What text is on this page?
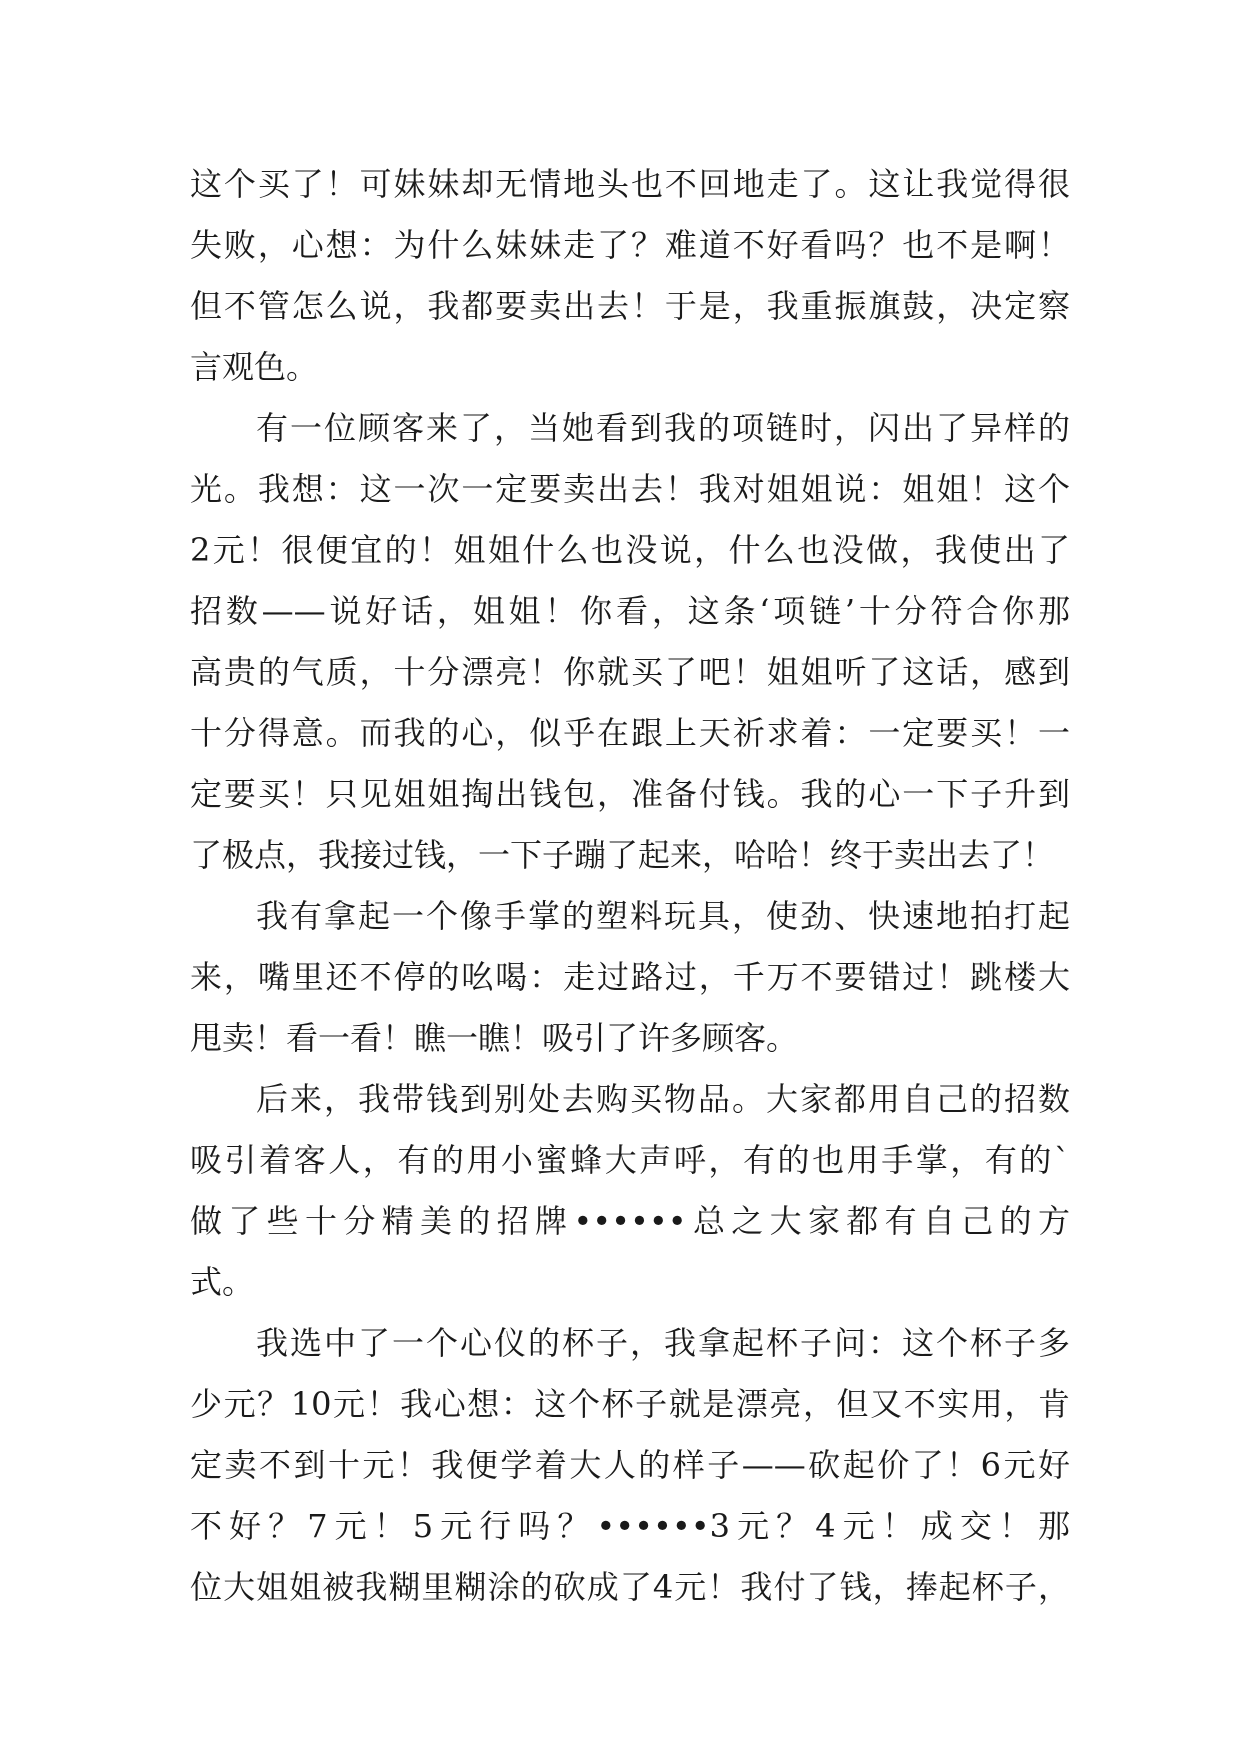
这个买了！可妹妹却无情地头也不回地走了。这让我觉得很
失败，心想：为什么妹妹走了？难道不好看吗？也不是啊！
但不管怎么说，我都要卖出去！于是，我重振旗鼓，决定察
言观色。
有一位顾客来了，当她看到我的项链时，闪出了异样的
光。我想：这一次一定要卖出去！我对姐姐说：姐姐！这个
2元！很便宜的！姐姐什么也没说，什么也没做，我使出了
招数——说好话，姐姐！你看，这条‘项链’十分符合你那
高贵的气质，十分漂亮！你就买了吧！姐姐听了这话，感到
十分得意。而我的心，似乎在跟上天祈求着：一定要买！一
定要买！只见姐姐掏出钱包，准备付钱。我的心一下子升到
了极点，我接过钱，一下子蹦了起来，哈哈！终于卖出去了！
我有拿起一个像手掌的塑料玩具，使劲、快速地拍打起
来，嘴里还不停的吆喝：走过路过，千万不要错过！跳楼大
甩卖！看一看！瞧一瞧！吸引了许多顾客。
后来，我带钱到别处去购买物品。大家都用自己的招数
吸引着客人，有的用小蜜蜂大声呼，有的也用手掌，有的`
做了些十分精美的招牌••••••总之大家都有自己的方
式。
我选中了一个心仪的杯子，我拿起杯子问：这个杯子多
少元？10元！我心想：这个杯子就是漂亮，但又不实用，肯
定卖不到十元！我便学着大人的样子——砍起价了！6元好
不好？7元！5元行吗？••••••3元？4元！成交！那
位大姐姐被我糊里糊涂的砍成了4元！我付了钱，捧起杯子，
